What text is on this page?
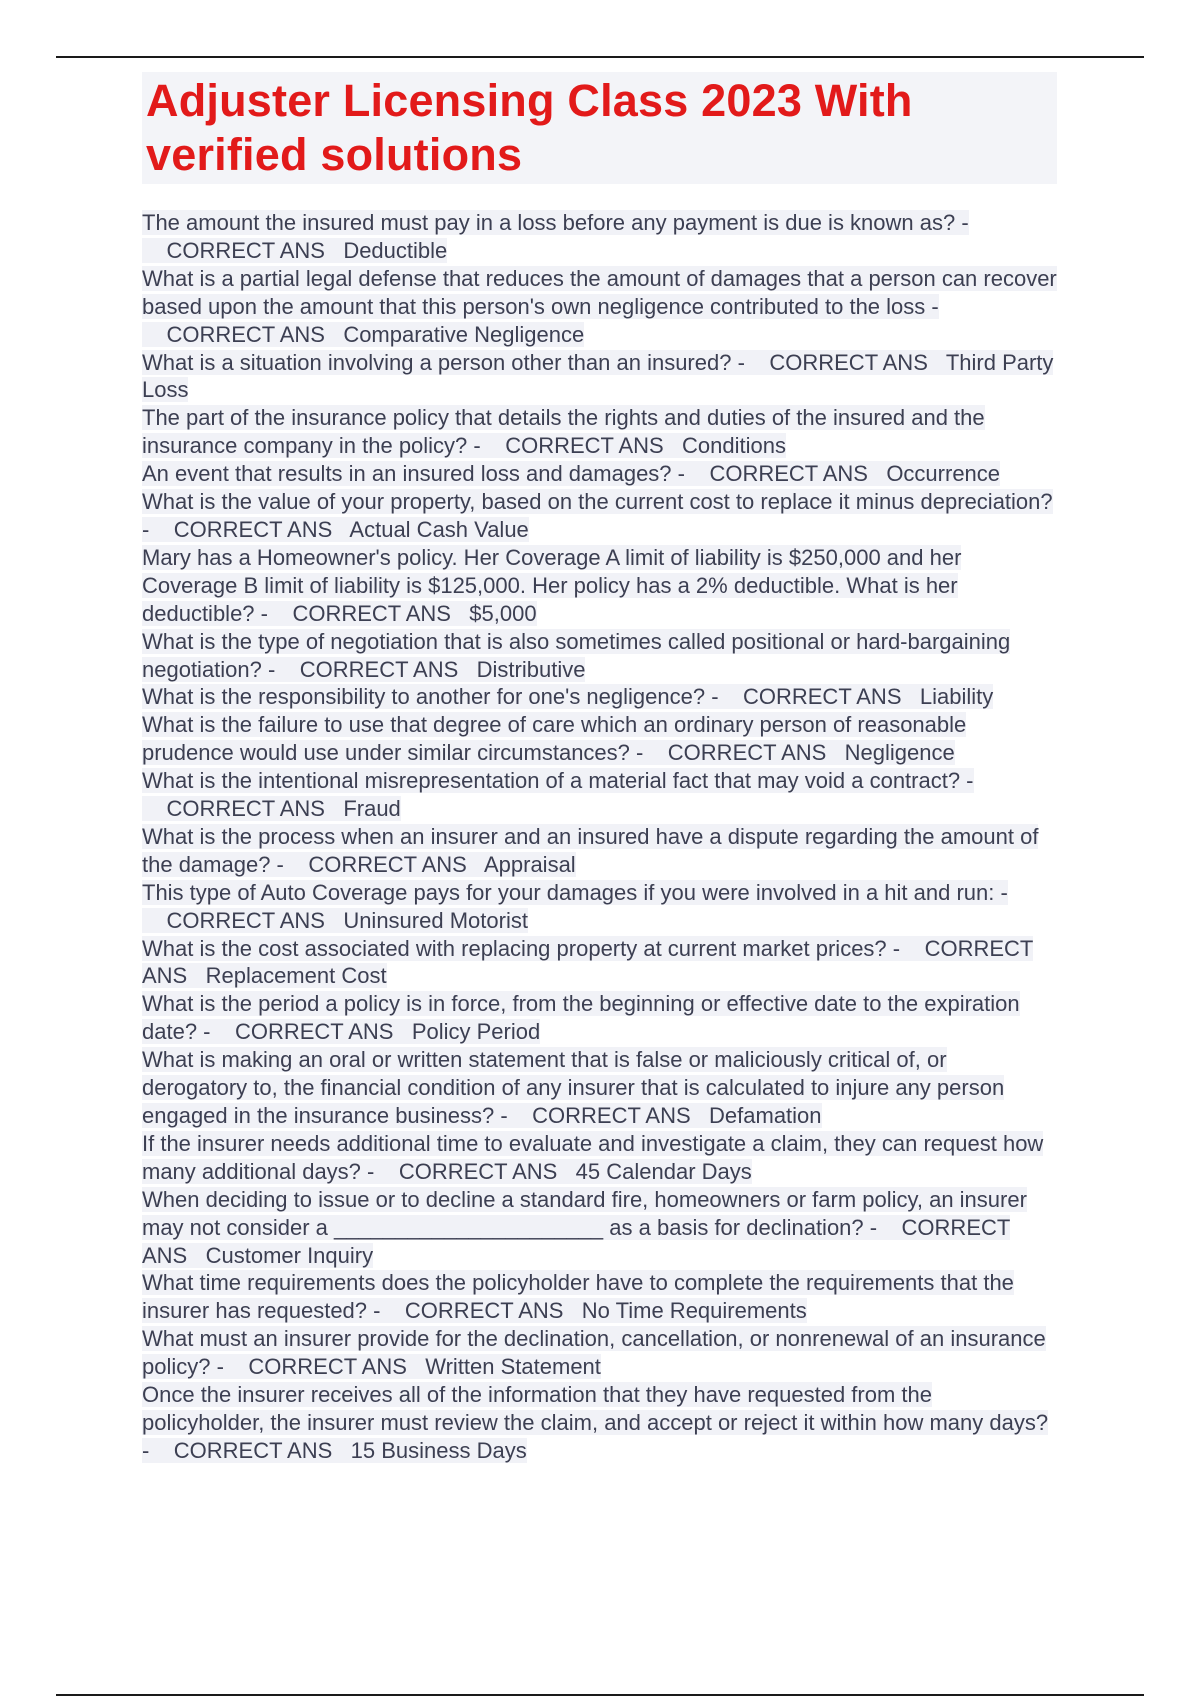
Adjuster Licensing Class 2023 With verified solutions
The amount the insured must pay in a loss before any payment is due is known as? -    CORRECT ANS Deductible
What is a partial legal defense that reduces the amount of damages that a person can recover based upon the amount that this person's own negligence contributed to the loss -    CORRECT ANS Comparative Negligence
What is a situation involving a person other than an insured? - CORRECT ANS Third Party Loss
The part of the insurance policy that details the rights and duties of the insured and the insurance company in the policy? - CORRECT ANS Conditions
An event that results in an insured loss and damages? - CORRECT ANS Occurrence
What is the value of your property, based on the current cost to replace it minus depreciation? - CORRECT ANS Actual Cash Value
Mary has a Homeowner's policy. Her Coverage A limit of liability is $250,000 and her Coverage B limit of liability is $125,000. Her policy has a 2% deductible. What is her deductible? - CORRECT ANS $5,000
What is the type of negotiation that is also sometimes called positional or hard-bargaining negotiation? - CORRECT ANS Distributive
What is the responsibility to another for one's negligence? - CORRECT ANS Liability
What is the failure to use that degree of care which an ordinary person of reasonable prudence would use under similar circumstances? - CORRECT ANS Negligence
What is the intentional misrepresentation of a material fact that may void a contract? -    CORRECT ANS Fraud
What is the process when an insurer and an insured have a dispute regarding the amount of the damage? - CORRECT ANS Appraisal
This type of Auto Coverage pays for your damages if you were involved in a hit and run: -    CORRECT ANS Uninsured Motorist
What is the cost associated with replacing property at current market prices? - CORRECT ANS Replacement Cost
What is the period a policy is in force, from the beginning or effective date to the expiration date? - CORRECT ANS Policy Period
What is making an oral or written statement that is false or maliciously critical of, or derogatory to, the financial condition of any insurer that is calculated to injure any person engaged in the insurance business? - CORRECT ANS Defamation
If the insurer needs additional time to evaluate and investigate a claim, they can request how many additional days? - CORRECT ANS 45 Calendar Days
When deciding to issue or to decline a standard fire, homeowners or farm policy, an insurer may not consider a ______________________ as a basis for declination? - CORRECT ANS Customer Inquiry
What time requirements does the policyholder have to complete the requirements that the insurer has requested? - CORRECT ANS No Time Requirements
What must an insurer provide for the declination, cancellation, or nonrenewal of an insurance policy? - CORRECT ANS Written Statement
Once the insurer receives all of the information that they have requested from the policyholder, the insurer must review the claim, and accept or reject it within how many days? - CORRECT ANS 15 Business Days
